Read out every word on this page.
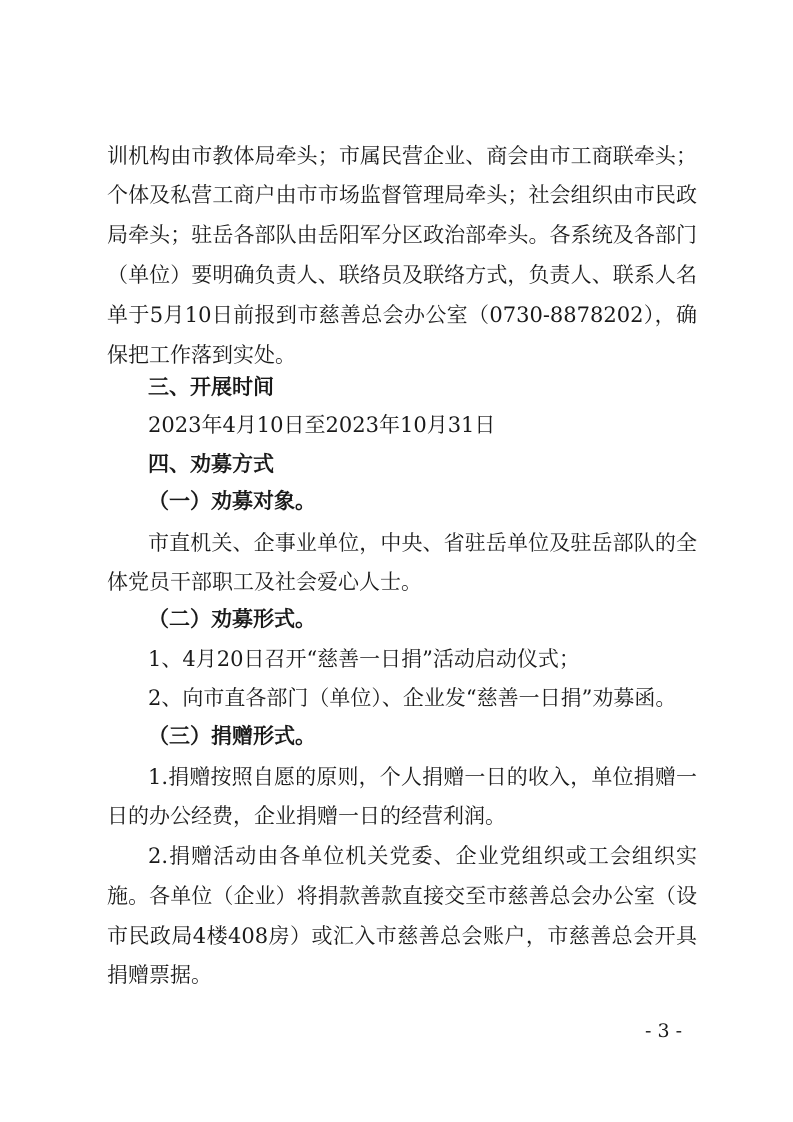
训机构由市教体局牵头；市属民营企业、商会由市工商联牵头；
个体及私营工商户由市市场监督管理局牵头；社会组织由市民政
局牵头；驻岳各部队由岳阳军分区政治部牵头。各系统及各部门
（单位）要明确负责人、联络员及联络方式，负责人、联系人名
单于5月10日前报到市慈善总会办公室（0730-8878202），确
保把工作落到实处。
三、开展时间
2023年4月10日至2023年10月31日
四、劝募方式
（一）劝募对象。
市直机关、企事业单位，中央、省驻岳单位及驻岳部队的全
体党员干部职工及社会爱心人士。
（二）劝募形式。
1、4月20日召开“慈善一日捐”活动启动仪式；
2、向市直各部门（单位）、企业发“慈善一日捐”劝募函。
（三）捐赠形式。
1.捐赠按照自愿的原则，个人捐赠一日的收入，单位捐赠一
日的办公经费，企业捐赠一日的经营利润。
2.捐赠活动由各单位机关党委、企业党组织或工会组织实
施。各单位（企业）将捐款善款直接交至市慈善总会办公室（设
市民政局4楼408房）或汇入市慈善总会账户，市慈善总会开具
捐赠票据。
- 3 -
